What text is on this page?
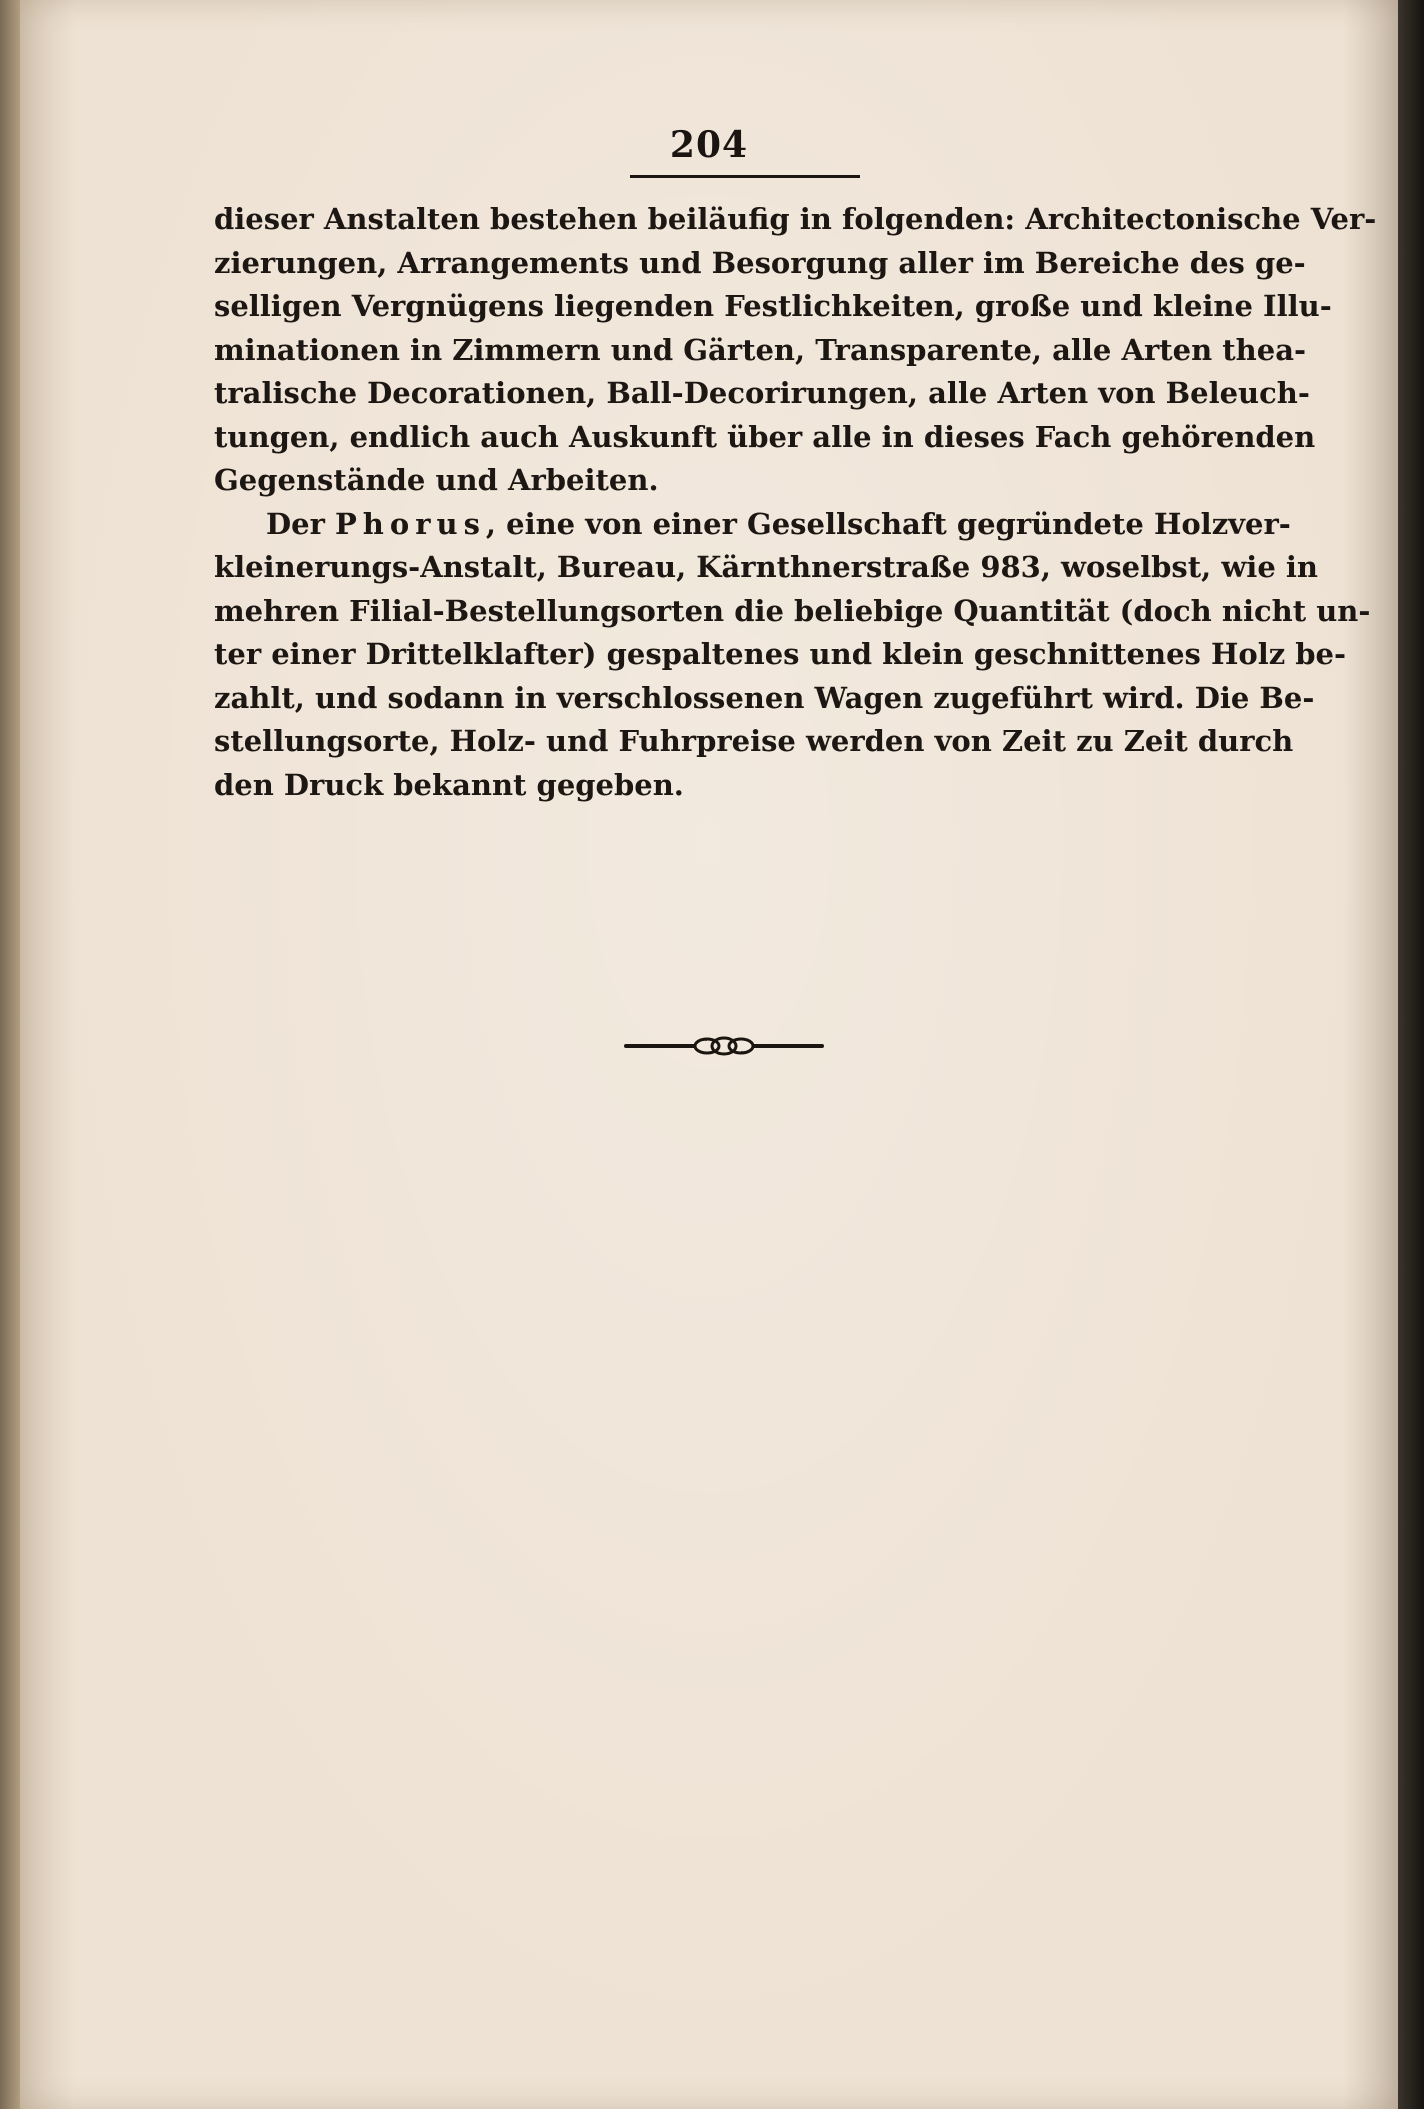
204
dieser Anstalten bestehen beiläufig in folgenden: Architectonische Ver-
zierungen, Arrangements und Besorgung aller im Bereiche des ge-
selligen Vergnügens liegenden Festlichkeiten, große und kleine Illu-
minationen in Zimmern und Gärten, Transparente, alle Arten thea-
tralische Decorationen, Ball-Decorirungen, alle Arten von Beleuch-
tungen, endlich auch Auskunft über alle in dieses Fach gehörenden
Gegenstände und Arbeiten.
Der Phorus, eine von einer Gesellschaft gegründete Holzver-
kleinerungs-Anstalt, Bureau, Kärnthnerstraße 983, woselbst, wie in
mehren Filial-Bestellungsorten die beliebige Quantität (doch nicht un-
ter einer Drittelklafter) gespaltenes und klein geschnittenes Holz be-
zahlt, und sodann in verschlossenen Wagen zugeführt wird. Die Be-
stellungsorte, Holz- und Fuhrpreise werden von Zeit zu Zeit durch
den Druck bekannt gegeben.
